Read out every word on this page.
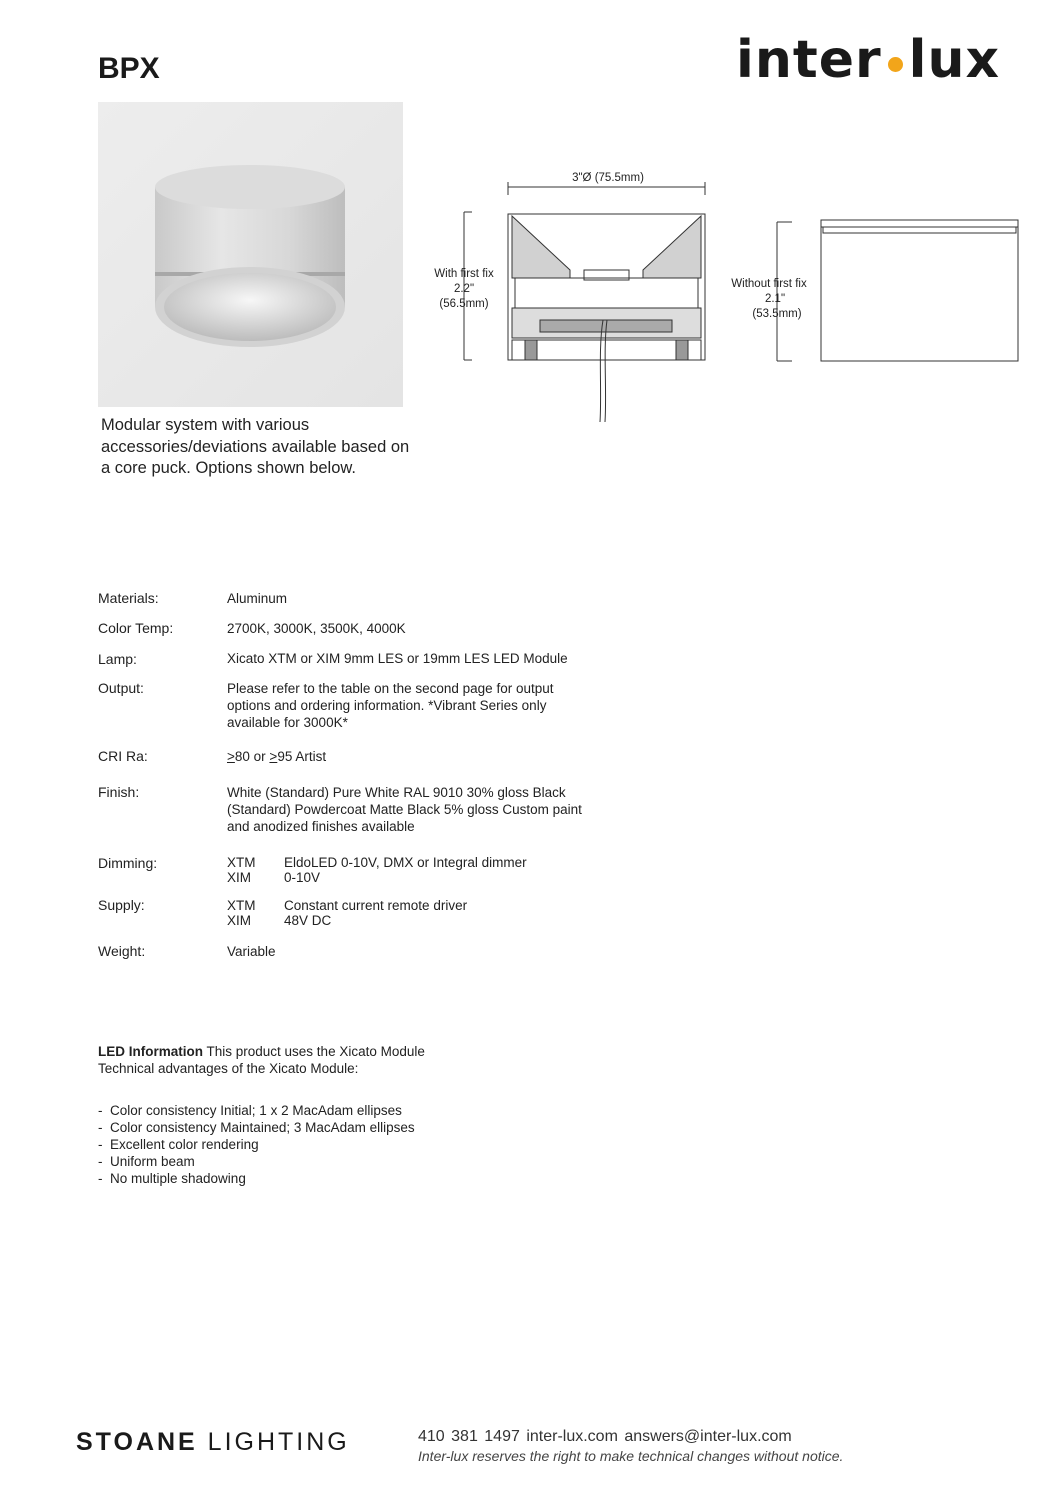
BPX	inter lux
Modular system with various accessories/deviations available based on a core puck. Options shown below.
3"Ø (75.5mm)
With first fix
2.2"
(56.5mm)
Without first fix
2.1"
(53.5mm)
Materials:	Aluminum
Color Temp:	2700K, 3000K, 3500K, 4000K
Lamp:	Xicato XTM or XIM 9mm LES or 19mm LES LED Module
Output:	Please refer to the table on the second page for output options and ordering information. *Vibrant Series only available for 3000K*
CRI Ra:	>80 or >95 Artist
Finish:	White (Standard) Pure White RAL 9010 30% gloss Black (Standard) Powdercoat Matte Black 5% gloss Custom paint and anodized finishes available
Dimming:	XTM	EldoLED 0-10V, DMX or Integral dimmer
XIM	0-10V
Supply:	XTM	Constant current remote driver
XIM	48V DC
Weight:	Variable
LED Information This product uses the Xicato Module Technical advantages of the Xicato Module:
- Color consistency Initial; 1 x 2 MacAdam ellipses
- Color consistency Maintained; 3 MacAdam ellipses
- Excellent color rendering
- Uniform beam
- No multiple shadowing
STOANE LIGHTING	410 381 1497 inter-lux.com answers@inter-lux.com
Inter-lux reserves the right to make technical changes without notice.
